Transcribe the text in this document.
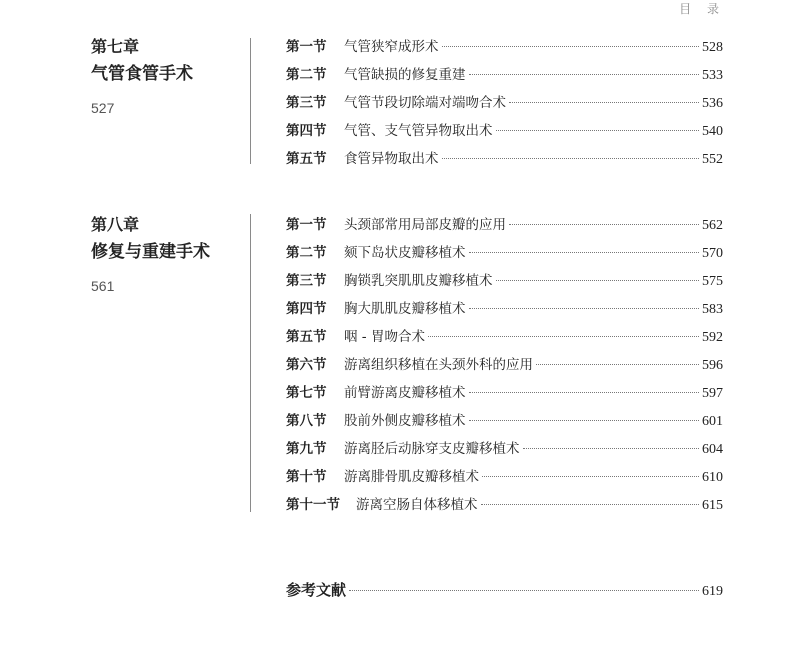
目 录
第七章
气管食管手术
527
第一节 气管狭窄成形术	528
第二节 气管缺损的修复重建	533
第三节 气管节段切除端对端吻合术	536
第四节 气管、支气管异物取出术	540
第五节 食管异物取出术	552
第八章
修复与重建手术
561
第一节 头颈部常用局部皮瓣的应用	562
第二节 颏下岛状皮瓣移植术	570
第三节 胸锁乳突肌肌皮瓣移植术	575
第四节 胸大肌肌皮瓣移植术	583
第五节 咽 - 胃吻合术	592
第六节 游离组织移植在头颈外科的应用	596
第七节 前臂游离皮瓣移植术	597
第八节 股前外侧皮瓣移植术	601
第九节 游离胫后动脉穿支皮瓣移植术	604
第十节 游离腓骨肌皮瓣移植术	610
第十一节 游离空肠自体移植术	615
参考文献	619
